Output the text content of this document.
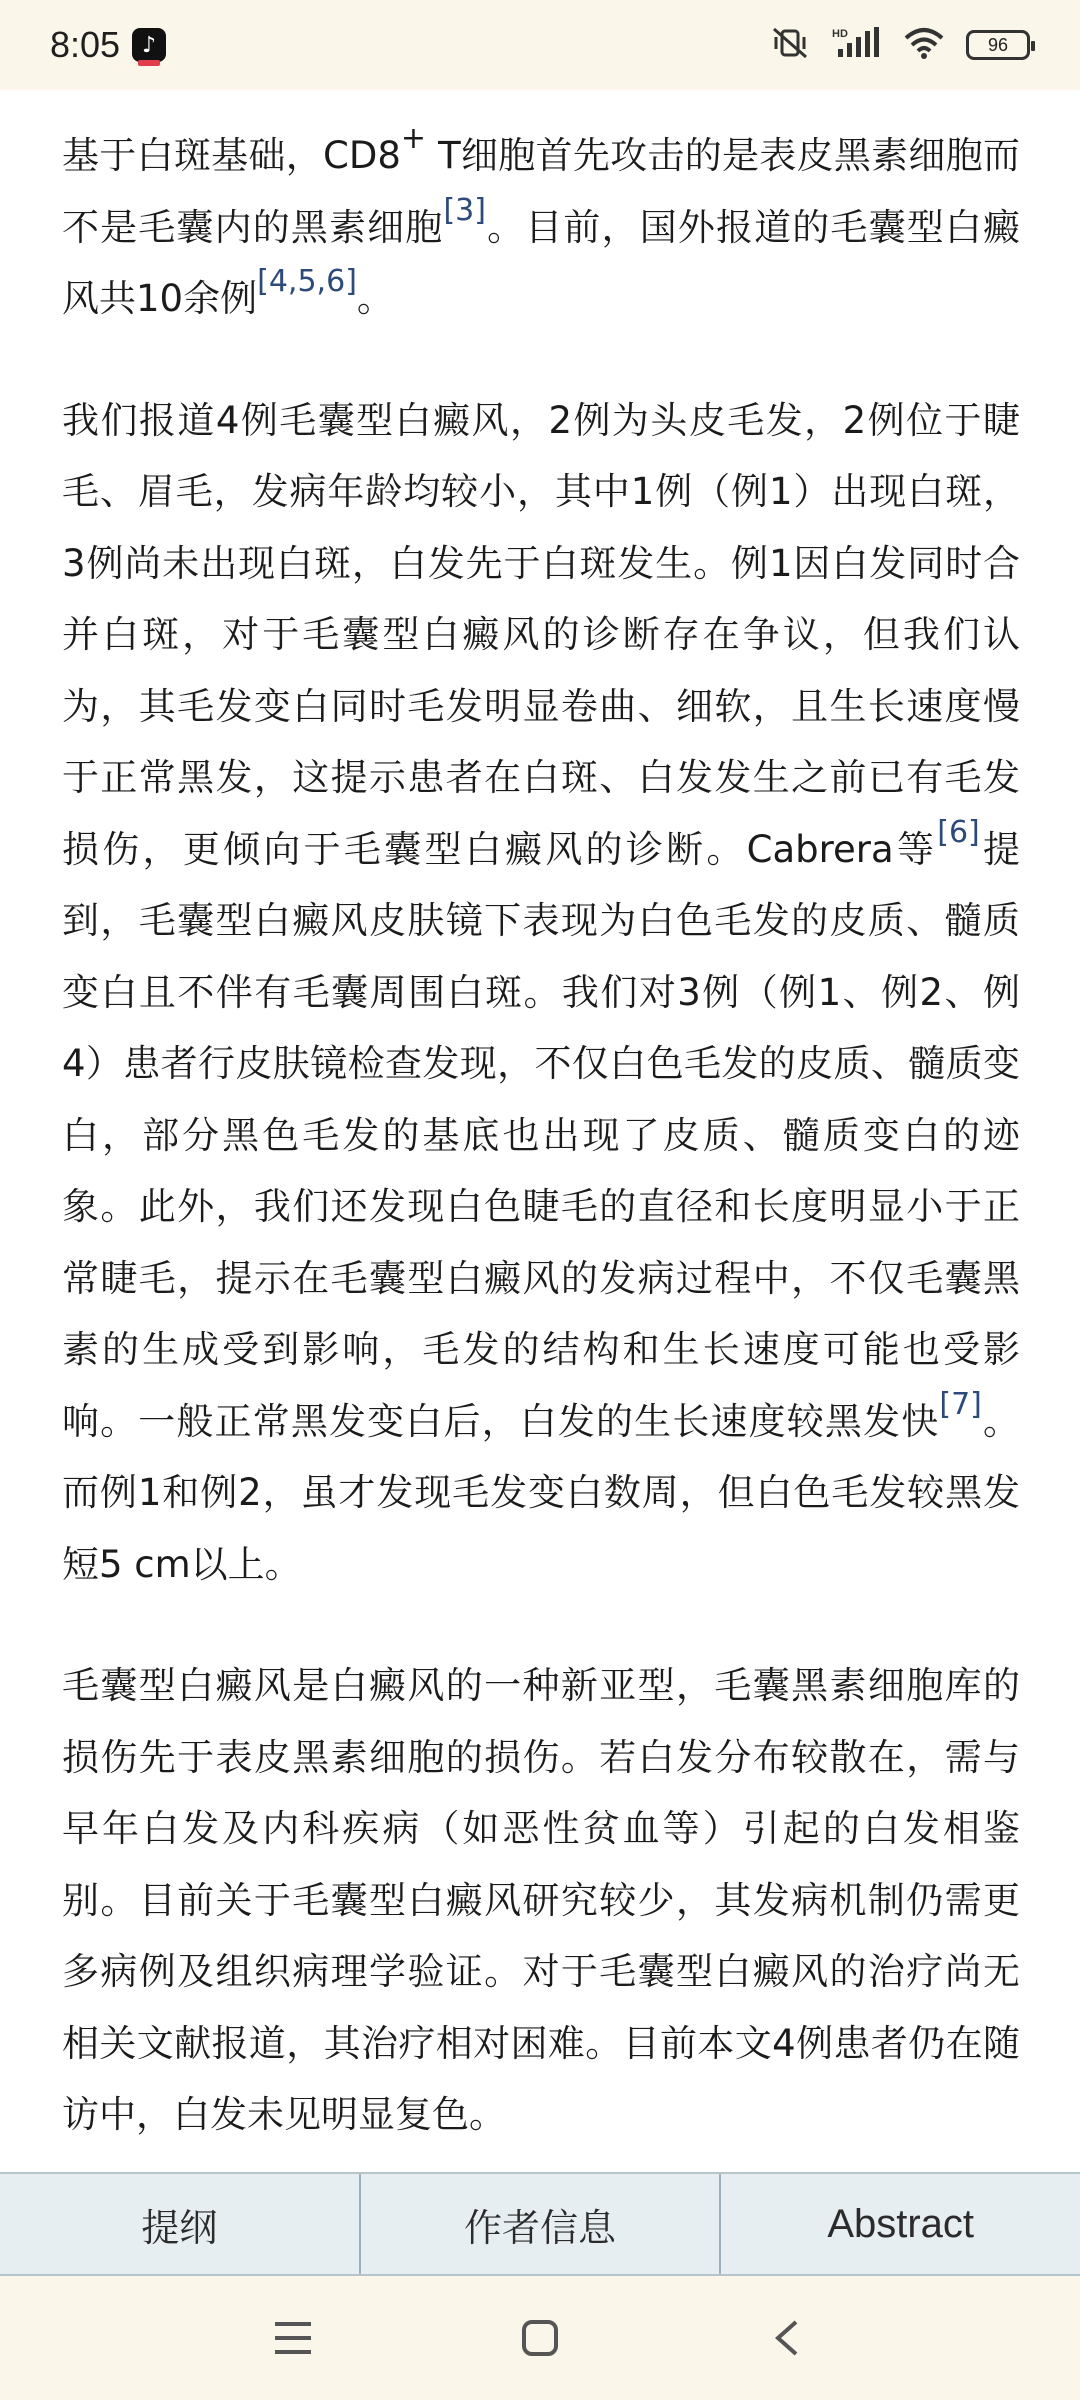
8:05 ♪	HD
96

基于白斑基础，CD8+ T细胞首先攻击的是表皮黑素细胞而不是毛囊内的黑素细胞[3]。目前，国外报道的毛囊型白癜风共10余例[4,5,6]。

我们报道4例毛囊型白癜风，2例为头皮毛发，2例位于睫毛、眉毛，发病年龄均较小，其中1例（例1）出现白斑，3例尚未出现白斑，白发先于白斑发生。例1因白发同时合并白斑，对于毛囊型白癜风的诊断存在争议，但我们认为，其毛发变白同时毛发明显卷曲、细软，且生长速度慢于正常黑发，这提示患者在白斑、白发发生之前已有毛发损伤，更倾向于毛囊型白癜风的诊断。Cabrera等[6]提到，毛囊型白癜风皮肤镜下表现为白色毛发的皮质、髓质变白且不伴有毛囊周围白斑。我们对3例（例1、例2、例4）患者行皮肤镜检查发现，不仅白色毛发的皮质、髓质变白，部分黑色毛发的基底也出现了皮质、髓质变白的迹象。此外，我们还发现白色睫毛的直径和长度明显小于正常睫毛，提示在毛囊型白癜风的发病过程中，不仅毛囊黑素的生成受到影响，毛发的结构和生长速度可能也受影响。一般正常黑发变白后，白发的生长速度较黑发快[7]。而例1和例2，虽才发现毛发变白数周，但白色毛发较黑发短5 cm以上。

毛囊型白癜风是白癜风的一种新亚型，毛囊黑素细胞库的损伤先于表皮黑素细胞的损伤。若白发分布较散在，需与早年白发及内科疾病（如恶性贫血等）引起的白发相鉴别。目前关于毛囊型白癜风研究较少，其发病机制仍需更多病例及组织病理学验证。对于毛囊型白癜风的治疗尚无相关文献报道，其治疗相对困难。目前本文4例患者仍在随访中，白发未见明显复色。

提纲	作者信息	Abstract
